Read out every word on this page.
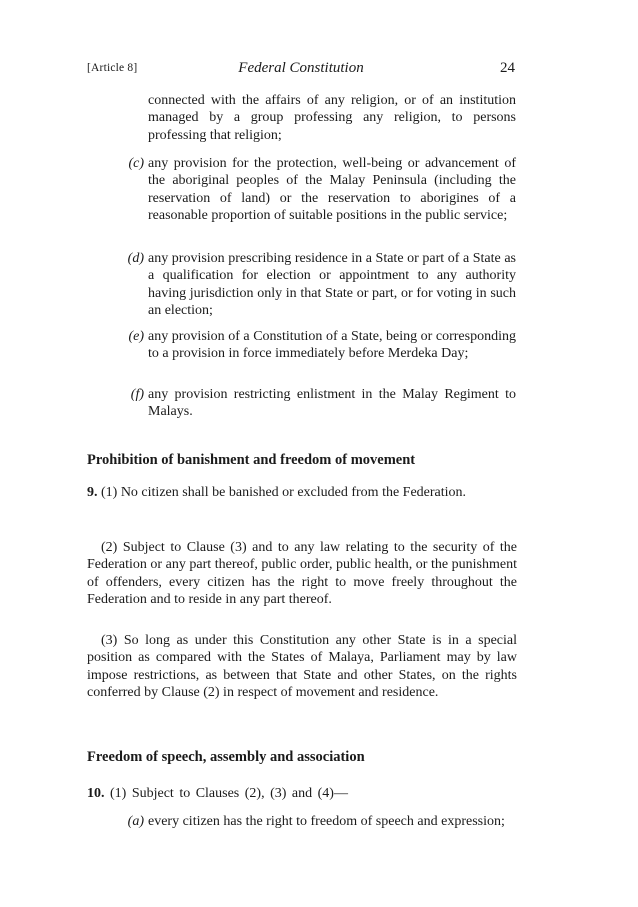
[Article 8]	Federal Constitution	24
connected with the affairs of any religion, or of an institution managed by a group professing any religion, to persons professing that religion;
(c) any provision for the protection, well-being or advancement of the aboriginal peoples of the Malay Peninsula (including the reservation of land) or the reservation to aborigines of a reasonable proportion of suitable positions in the public service;
(d) any provision prescribing residence in a State or part of a State as a qualification for election or appointment to any authority having jurisdiction only in that State or part, or for voting in such an election;
(e) any provision of a Constitution of a State, being or corresponding to a provision in force immediately before Merdeka Day;
(f) any provision restricting enlistment in the Malay Regiment to Malays.
Prohibition of banishment and freedom of movement
9. (1) No citizen shall be banished or excluded from the Federation.
(2) Subject to Clause (3) and to any law relating to the security of the Federation or any part thereof, public order, public health, or the punishment of offenders, every citizen has the right to move freely throughout the Federation and to reside in any part thereof.
(3) So long as under this Constitution any other State is in a special position as compared with the States of Malaya, Parliament may by law impose restrictions, as between that State and other States, on the rights conferred by Clause (2) in respect of movement and residence.
Freedom of speech, assembly and association
10. (1) Subject to Clauses (2), (3) and (4)—
(a) every citizen has the right to freedom of speech and expression;
